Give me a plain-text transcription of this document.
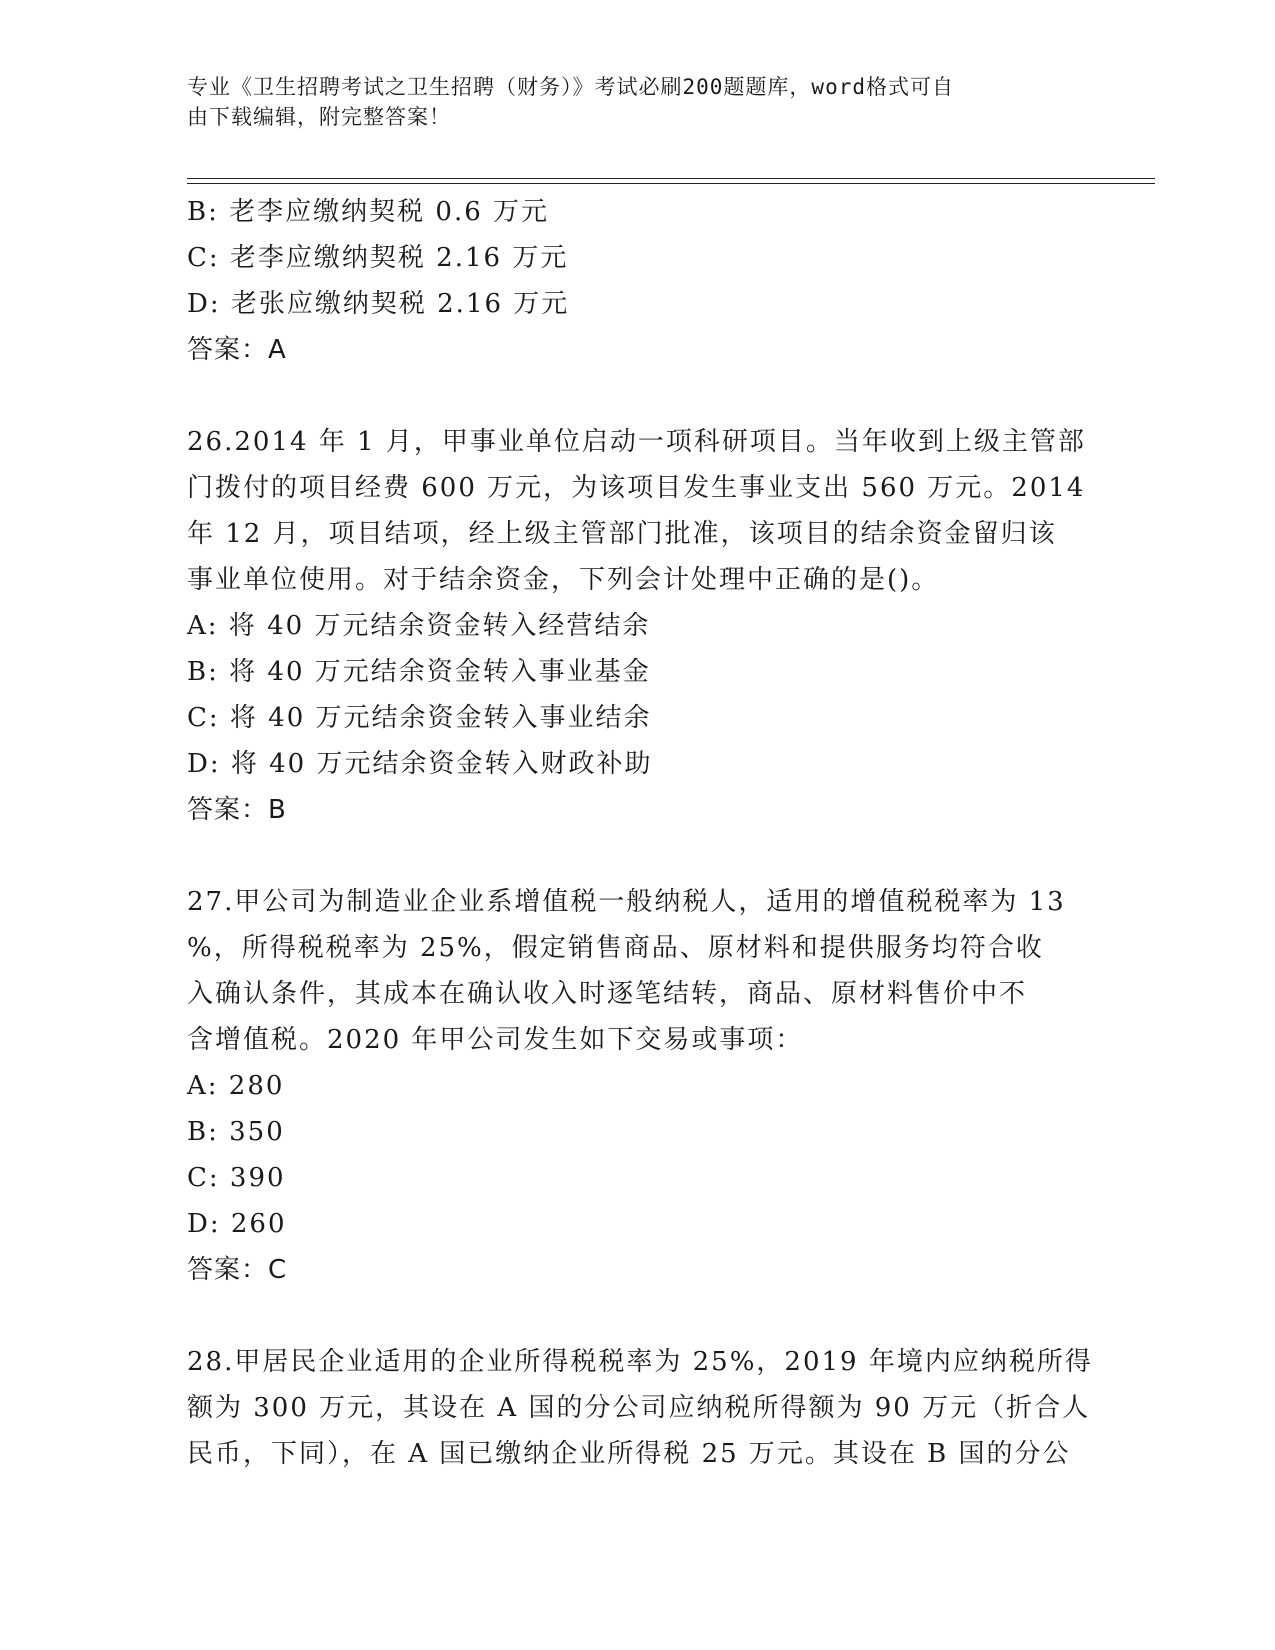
专业《卫生招聘考试之卫生招聘（财务）》考试必刷200题题库，word格式可自
由下载编辑，附完整答案！
B: 老李应缴纳契税 0.6 万元
C: 老李应缴纳契税 2.16 万元
D: 老张应缴纳契税 2.16 万元
答案：A
26.2014 年 1 月，甲事业单位启动一项科研项目。当年收到上级主管部
门拨付的项目经费 600 万元，为该项目发生事业支出 560 万元。2014
年 12 月，项目结项，经上级主管部门批准，该项目的结余资金留归该
事业单位使用。对于结余资金，下列会计处理中正确的是()。
A: 将 40 万元结余资金转入经营结余
B: 将 40 万元结余资金转入事业基金
C: 将 40 万元结余资金转入事业结余
D: 将 40 万元结余资金转入财政补助
答案：B
27.甲公司为制造业企业系增值税一般纳税人，适用的增值税税率为 13
%，所得税税率为 25%，假定销售商品、原材料和提供服务均符合收
入确认条件，其成本在确认收入时逐笔结转，商品、原材料售价中不
含增值税。2020 年甲公司发生如下交易或事项：
A: 280
B: 350
C: 390
D: 260
答案：C
28.甲居民企业适用的企业所得税税率为 25%，2019 年境内应纳税所得
额为 300 万元，其设在 A 国的分公司应纳税所得额为 90 万元（折合人
民币，下同），在 A 国已缴纳企业所得税 25 万元。其设在 B 国的分公
